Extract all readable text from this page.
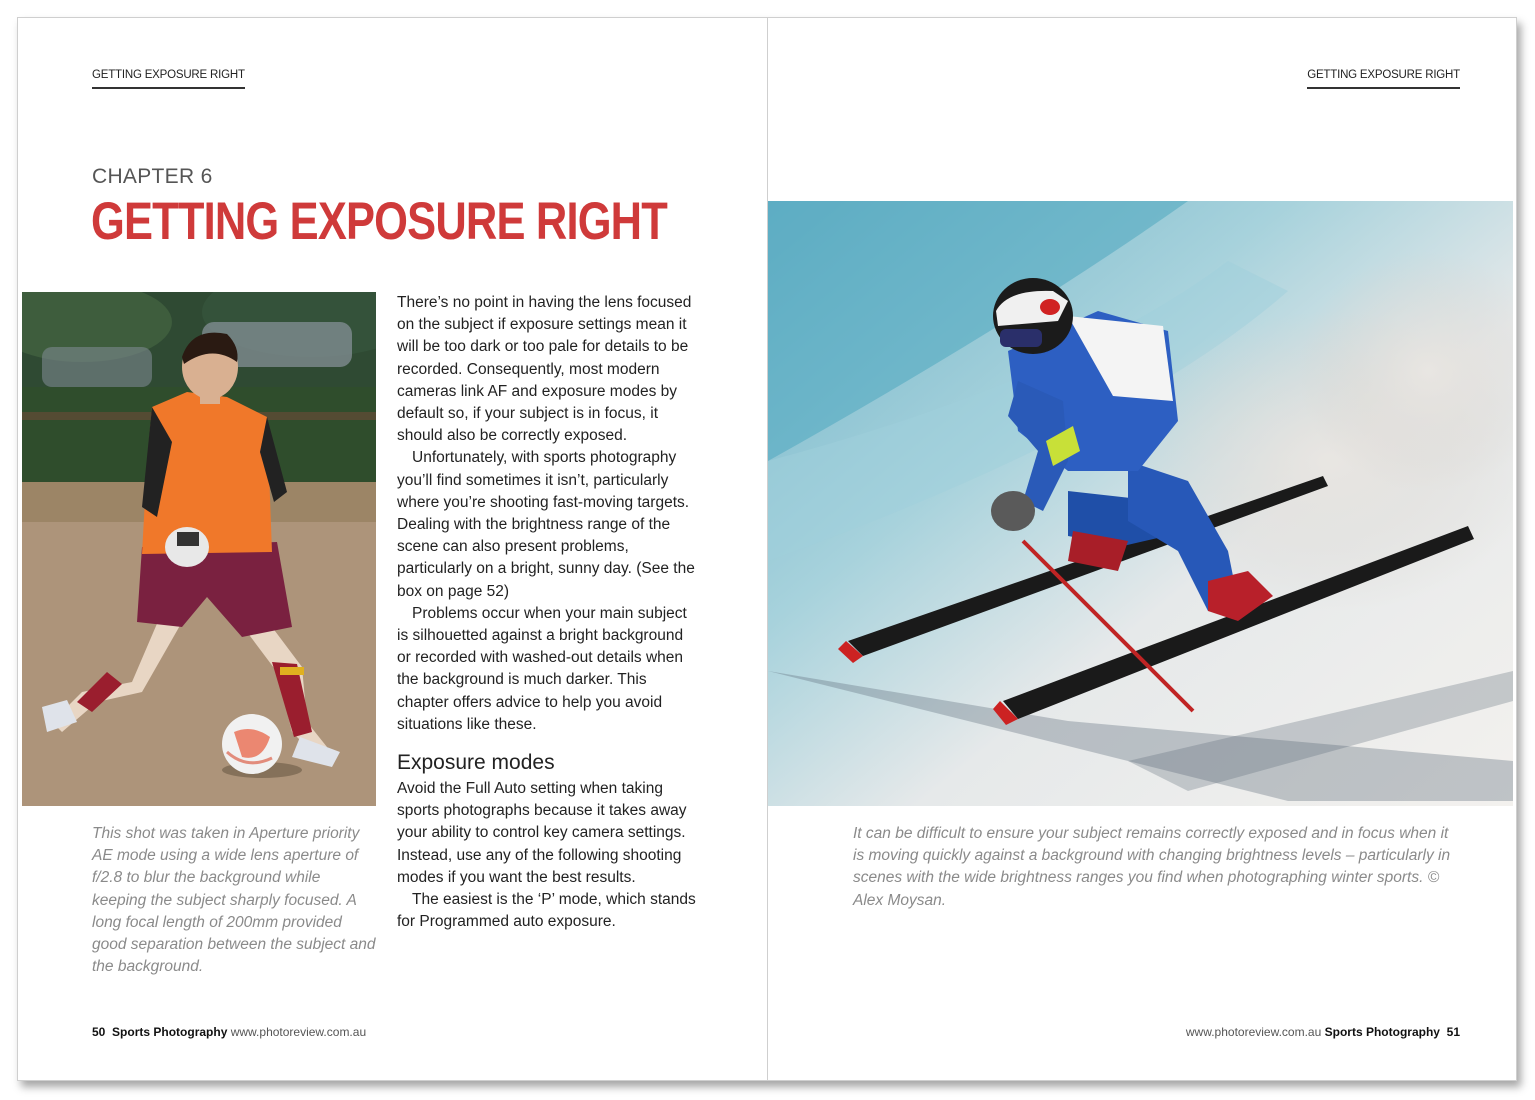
GETTING EXPOSURE RIGHT
CHAPTER 6
GETTING EXPOSURE RIGHT
This shot was taken in Aperture priority AE mode using a wide lens aperture of f/2.8 to blur the background while keeping the subject sharply focused. A long focal length of 200mm provided good separation between the subject and the background.

There’s no point in having the lens focused on the subject if exposure settings mean it will be too dark or too pale for details to be recorded. Consequently, most modern cameras link AF and exposure modes by default so, if your subject is in focus, it should also be correctly exposed.

Unfortunately, with sports photography you’ll find sometimes it isn’t, particularly where you’re shooting fast-moving targets. Dealing with the brightness range of the scene can also present problems, particularly on a bright, sunny day. (See the box on page 52)

Problems occur when your main subject is silhouetted against a bright background or recorded with washed-out details when the background is much darker. This chapter offers advice to help you avoid situations like these.

Exposure modes

Avoid the Full Auto setting when taking sports photographs because it takes away your ability to control key camera settings. Instead, use any of the following shooting modes if you want the best results.

The easiest is the ‘P’ mode, which stands for Programmed auto exposure.

50 Sports Photography www.photoreview.com.au
GETTING EXPOSURE RIGHT
It can be difficult to ensure your subject remains correctly exposed and in focus when it is moving quickly against a background with changing brightness levels – particularly in scenes with the wide brightness ranges you find when photographing winter sports. © Alex Moysan.
www.photoreview.com.au Sports Photography 51
